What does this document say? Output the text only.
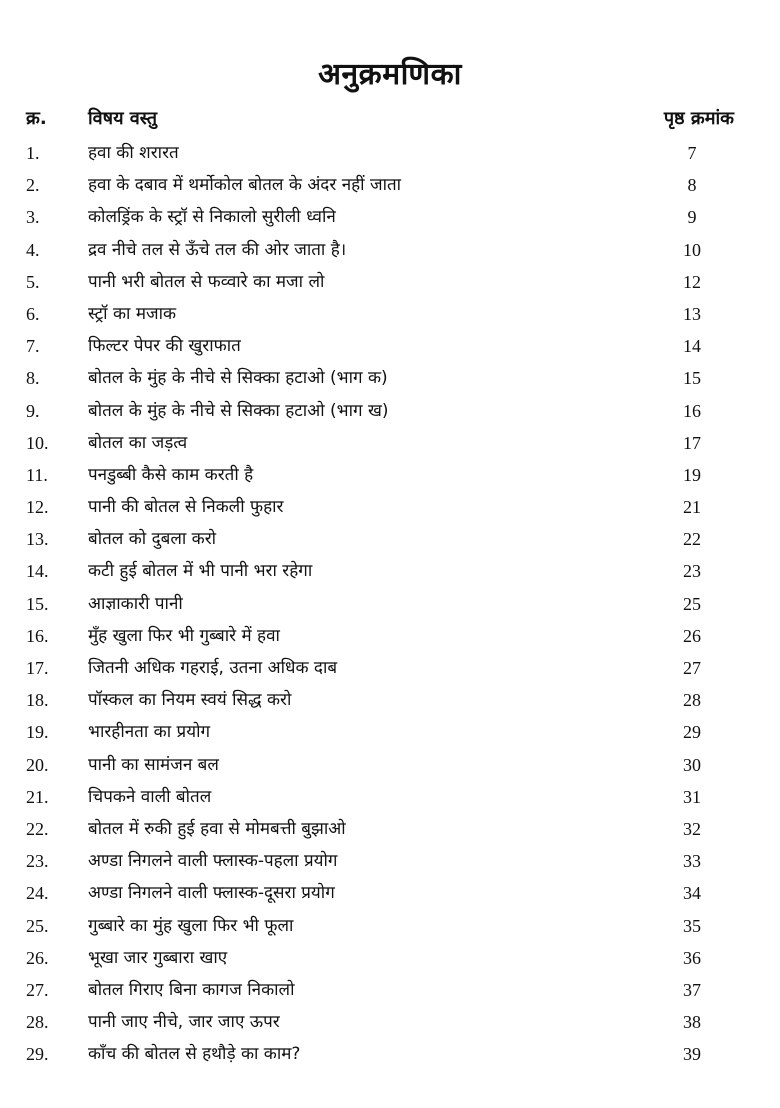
अनुक्रमणिका
क्र. विषय वस्तु	पृष्ठ क्रमांक
1.	हवा की शरारत	7
2.	हवा के दबाव में थर्मोकोल बोतल के अंदर नहीं जाता	8
3.	कोलड्रिंक के स्ट्रॉ से निकालो सुरीली ध्वनि	9
4.	द्रव नीचे तल से ऊँचे तल की ओर जाता है।	10
5.	पानी भरी बोतल से फव्वारे का मजा लो	12
6.	स्ट्रॉ का मजाक	13
7.	फिल्टर पेपर की खुराफात	14
8.	बोतल के मुंह के नीचे से सिक्का हटाओ (भाग क)	15
9.	बोतल के मुंह के नीचे से सिक्का हटाओ (भाग ख)	16
10. बोतल का जड़त्व	17
11. पनडुब्बी कैसे काम करती है	19
12. पानी की बोतल से निकली फुहार	21
13. बोतल को दुबला करो	22
14. कटी हुई बोतल में भी पानी भरा रहेगा	23
15. आज्ञाकारी पानी	25
16. मुँह खुला फिर भी गुब्बारे में हवा	26
17. जितनी अधिक गहराई, उतना अधिक दाब	27
18. पॉस्कल का नियम स्वयं सिद्ध करो	28
19. भारहीनता का प्रयोग	29
20. पानी का सामंजन बल	30
21. चिपकने वाली बोतल	31
22. बोतल में रुकी हुई हवा से मोमबत्ती बुझाओ	32
23. अण्डा निगलने वाली फ्लास्क-पहला प्रयोग	33
24. अण्डा निगलने वाली फ्लास्क-दूसरा प्रयोग	34
25. गुब्बारे का मुंह खुला फिर भी फूला	35
26. भूखा जार गुब्बारा खाए	36
27. बोतल गिराए बिना कागज निकालो	37
28. पानी जाए नीचे, जार जाए ऊपर	38
29. काँच की बोतल से हथौड़े का काम?	39
